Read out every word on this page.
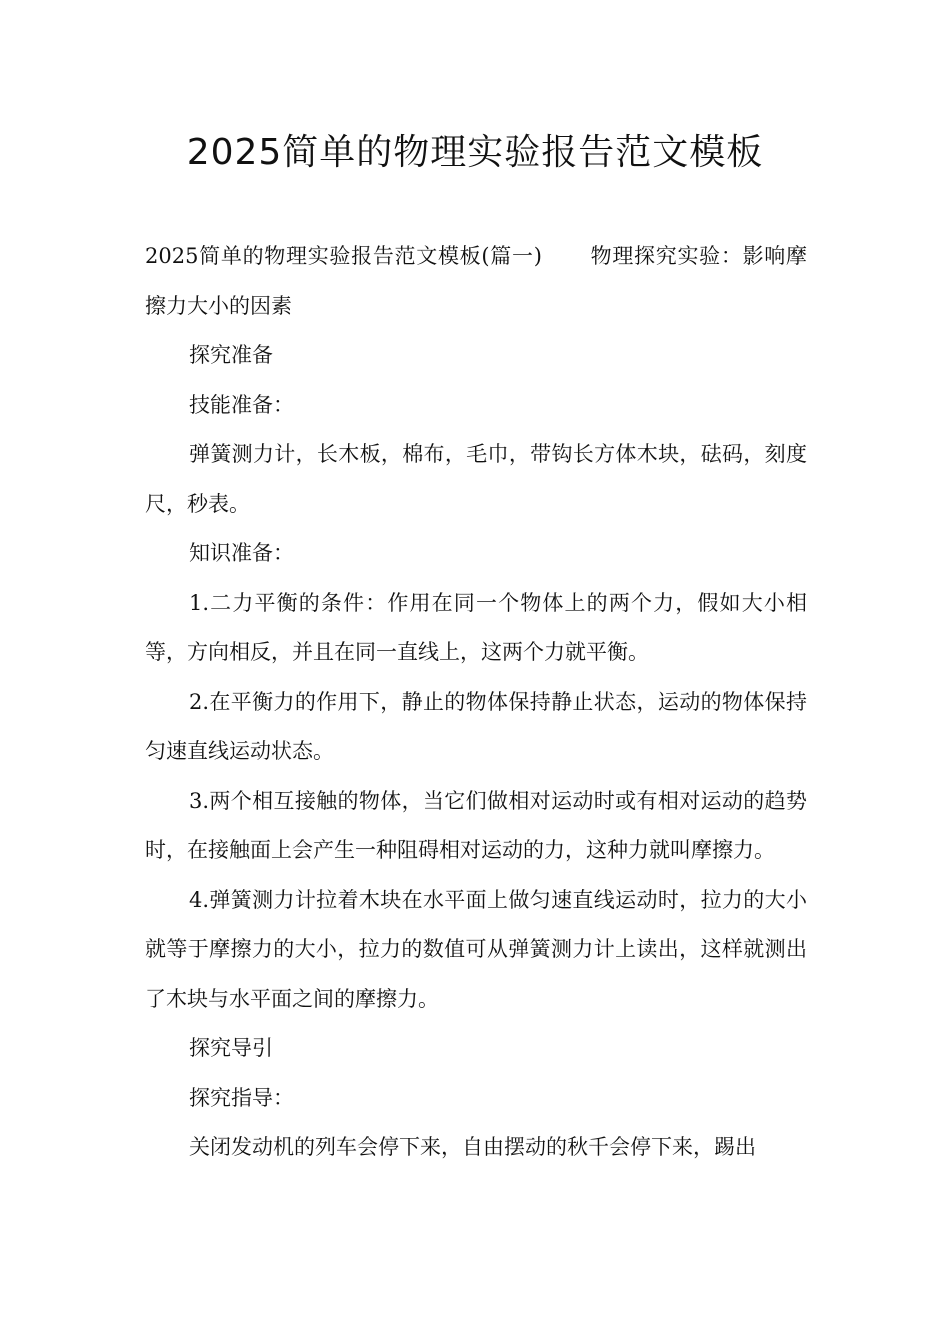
2025简单的物理实验报告范文模板

2025简单的物理实验报告范文模板(篇一) 物理探究实验：影响摩擦力大小的因素

探究准备

技能准备：

弹簧测力计，长木板，棉布，毛巾，带钩长方体木块，砝码，刻度尺，秒表。

知识准备：

1.二力平衡的条件：作用在同一个物体上的两个力，假如大小相等，方向相反，并且在同一直线上，这两个力就平衡。

2.在平衡力的作用下，静止的物体保持静止状态，运动的物体保持匀速直线运动状态。

3.两个相互接触的物体，当它们做相对运动时或有相对运动的趋势时，在接触面上会产生一种阻碍相对运动的力，这种力就叫摩擦力。

4.弹簧测力计拉着木块在水平面上做匀速直线运动时，拉力的大小就等于摩擦力的大小，拉力的数值可从弹簧测力计上读出，这样就测出了木块与水平面之间的摩擦力。

探究导引

探究指导：

关闭发动机的列车会停下来，自由摆动的秋千会停下来，踢出
